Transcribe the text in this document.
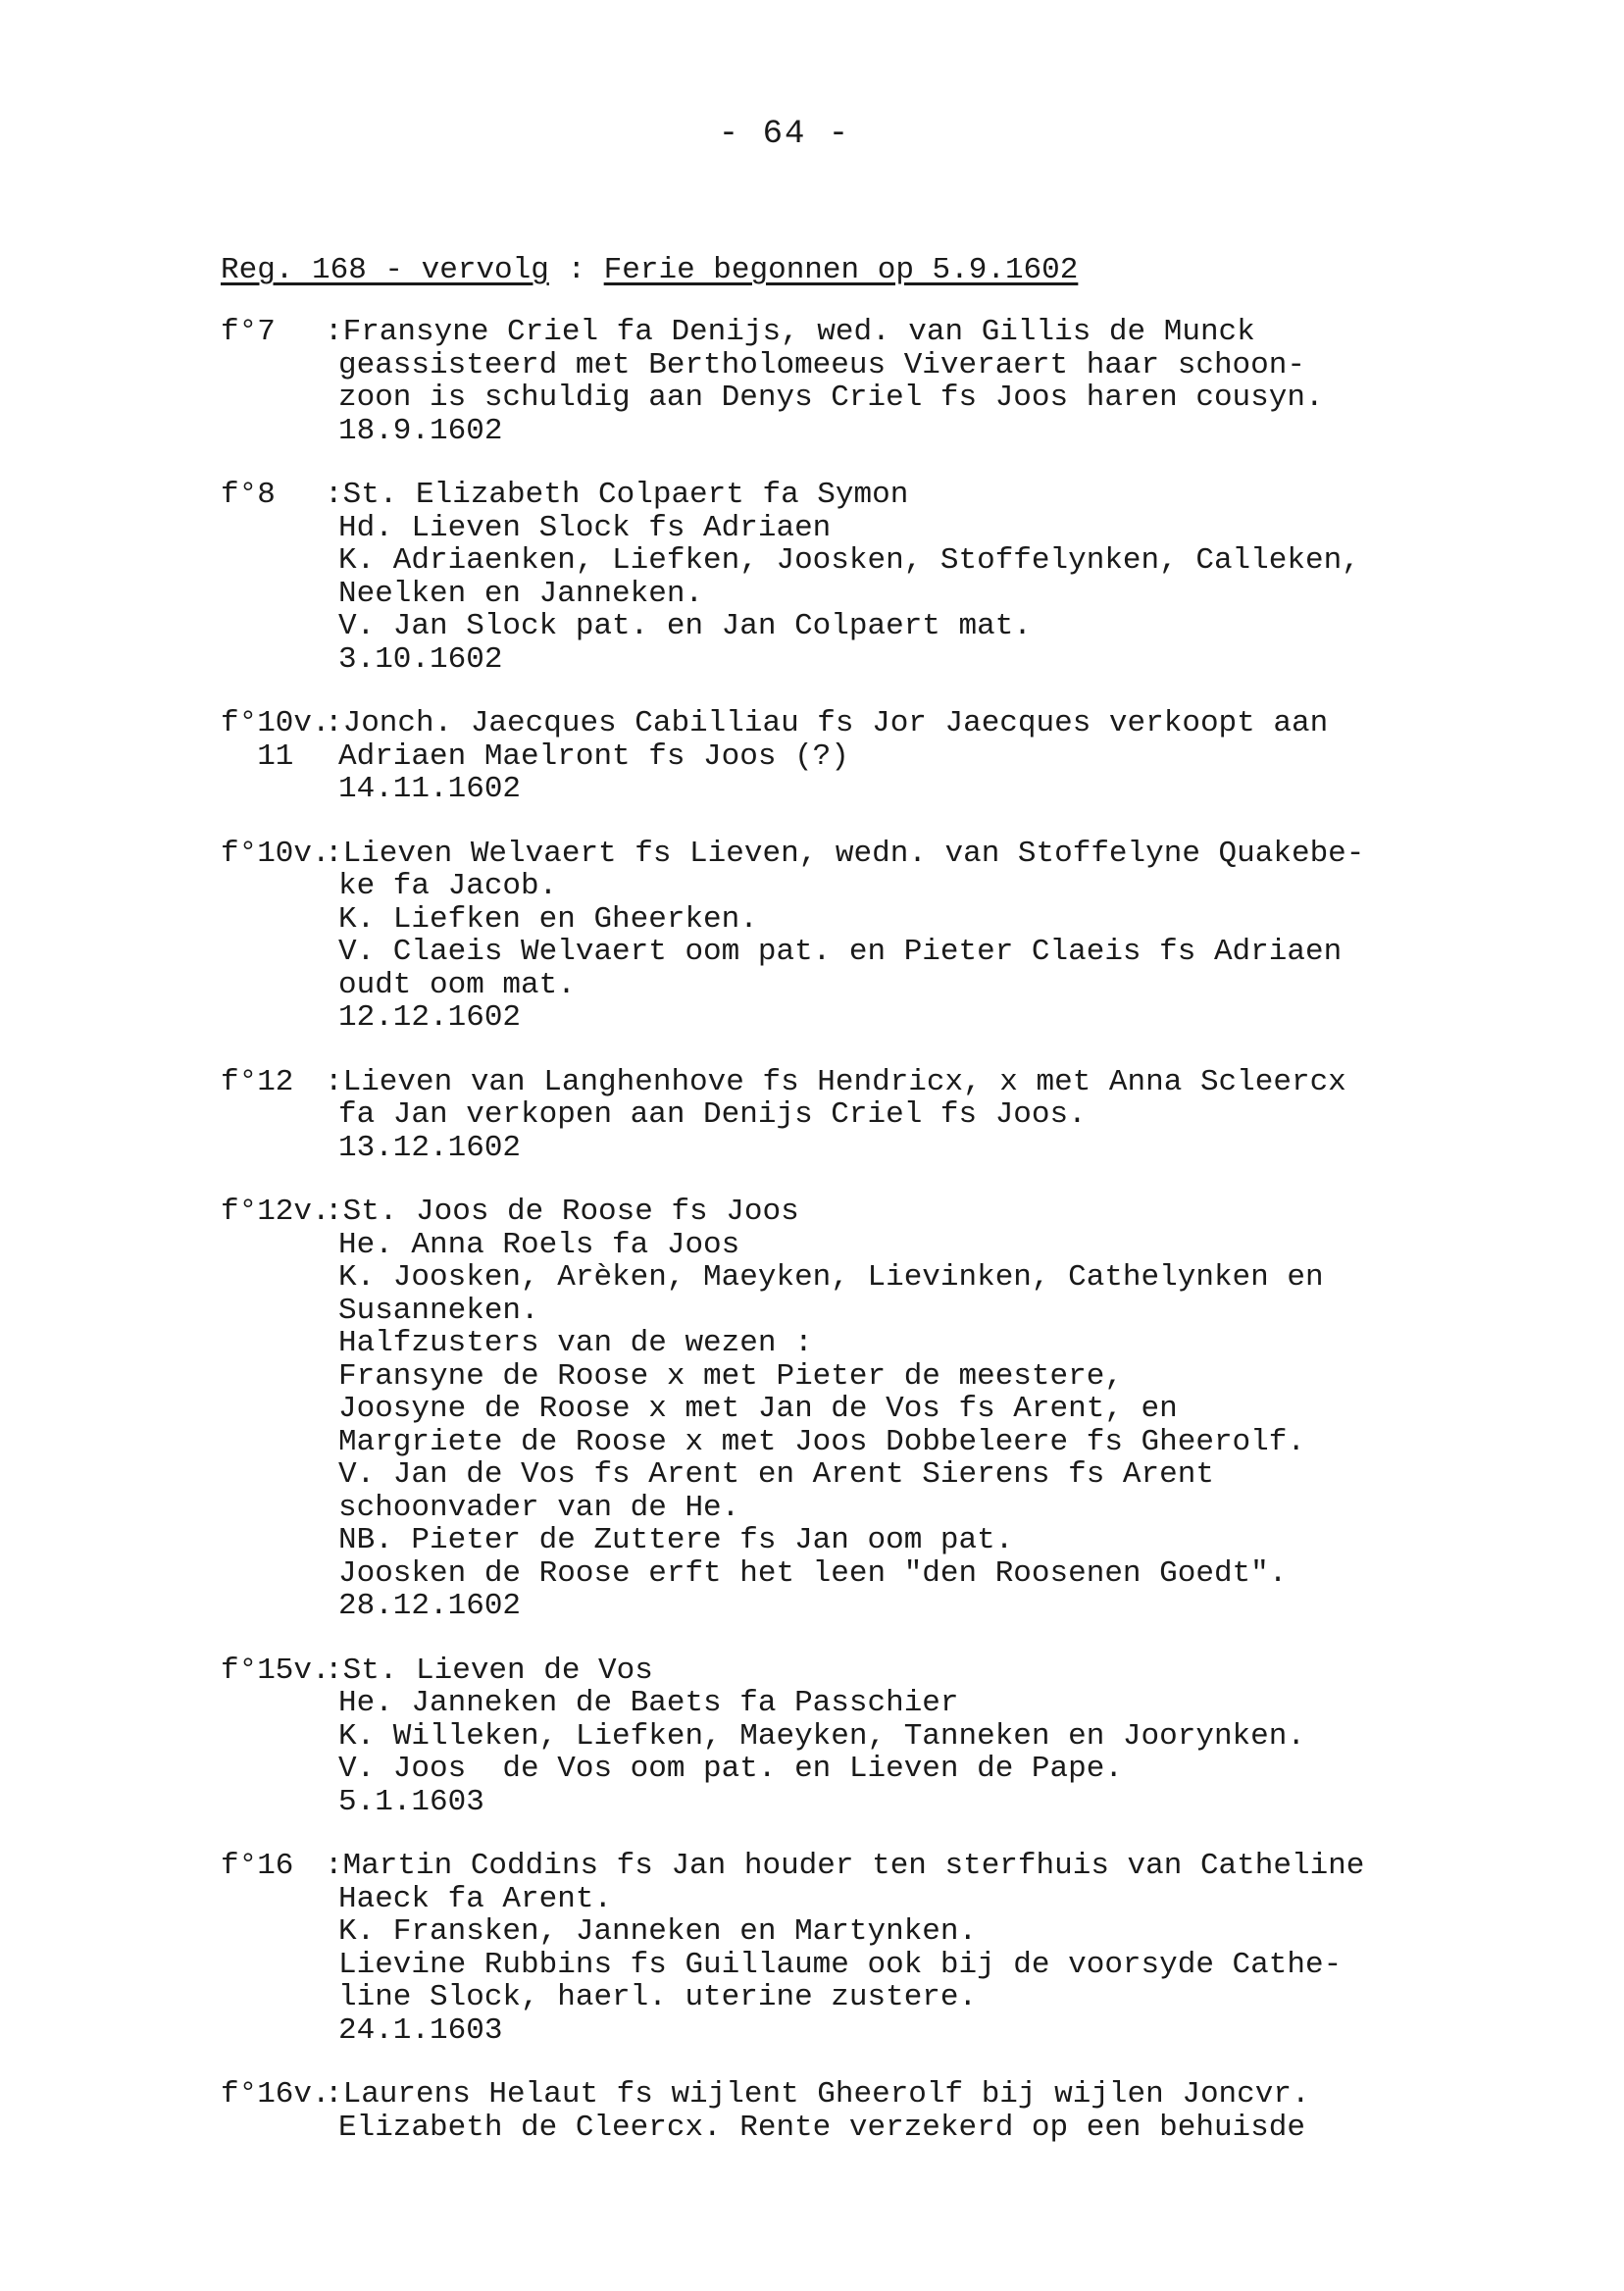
- 64 -
Reg. 168 - vervolg : Ferie begonnen op 5.9.1602
f°7	:Fransyne Criel fa Denijs, wed. van Gillis de Munck
geassisteerd met Bertholomeeus Viveraert haar schoon-
zoon is schuldig aan Denys Criel fs Joos haren cousyn.
18.9.1602
f°8	:St. Elizabeth Colpaert fa Symon
Hd. Lieven Slock fs Adriaen
K. Adriaenken, Liefken, Joosken, Stoffelynken, Calleken,
Neelken en Janneken.
V. Jan Slock pat. en Jan Colpaert mat.
3.10.1602
f°10v.
11
:Jonch. Jaecques Cabilliau fs Jor Jaecques verkoopt aan
Adriaen Maelront fs Joos (?)
14.11.1602
f°10v.
:Lieven Welvaert fs Lieven, wedn. van Stoffelyne Quakebe-
ke fa Jacob.
K. Liefken en Gheerken.
V. Claeis Welvaert oom pat. en Pieter Claeis fs Adriaen
oudt oom mat.
12.12.1602
f°12	:Lieven van Langhenhove fs Hendricx, x met Anna Scleercx
fa Jan verkopen aan Denijs Criel fs Joos.
13.12.1602
f°12v.
:St. Joos de Roose fs Joos
He. Anna Roels fa Joos
K. Joosken, Arèken, Maeyken, Lievinken, Cathelynken en
Susanneken.
Halfzusters van de wezen :
Fransyne de Roose x met Pieter de meestere,
Joosyne de Roose x met Jan de Vos fs Arent, en
Margriete de Roose x met Joos Dobbeleere fs Gheerolf.
V. Jan de Vos fs Arent en Arent Sierens fs Arent
schoonvader van de He.
NB. Pieter de Zuttere fs Jan oom pat.
Joosken de Roose erft het leen "den Roosenen Goedt".
28.12.1602
f°15v.
:St. Lieven de Vos
He. Janneken de Baets fa Passchier
K. Willeken, Liefken, Maeyken, Tanneken en Joorynken.
V. Joos  de Vos oom pat. en Lieven de Pape.
5.1.1603
f°16	:Martin Coddins fs Jan houder ten sterfhuis van Catheline
Haeck fa Arent.
K. Fransken, Janneken en Martynken.
Lievine Rubbins fs Guillaume ook bij de voorsyde Cathe-
line Slock, haerl. uterine zustere.
24.1.1603
f°16v.
:Laurens Helaut fs wijlent Gheerolf bij wijlen Joncvr.
Elizabeth de Cleercx. Rente verzekerd op een behuisde
